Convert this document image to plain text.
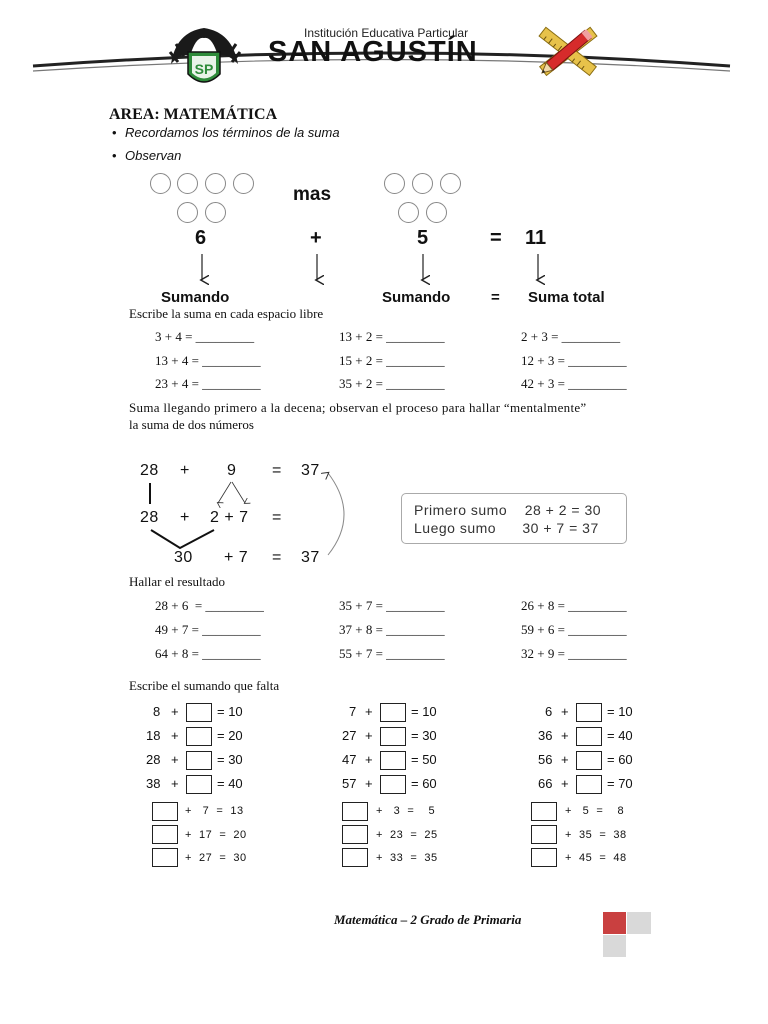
SP
Institución Educativa Particular
SAN AGUSTÍN
AREA: MATEMÁTICA
• Recordamos los términos de la suma
• Observan
mas
6	+	5	= 11
Sumando	Sumando	= Suma total
Escribe la suma en cada espacio libre
3 + 4 = _________
13 + 4 = _________
23 + 4 = _________
13 + 2 = _________
15 + 2 = _________
35 + 2 = _________
2 + 3 = _________
12 + 3 = _________
42 + 3 = _________
Suma llegando primero a la decena; observan el proceso para hallar “mentalmente”
la suma de dos números
28 + 9 = 37
28 + 2 + 7 =
30 + 7 = 37
Primero sumo    28 + 2 = 30
Luego sumo      30 + 7 = 37
Hallar el resultado
28 + 6  = _________
49 + 7 = _________
64 + 8 = _________
35 + 7 = _________
37 + 8 = _________
55 + 7 = _________
26 + 8 = _________
59 + 6 = _________
32 + 9 = _________
Escribe el sumando que falta
8 +	= 10
18 +	= 20
28 +	= 30
38 +	= 40
7 +	= 10
27 +	= 30
47 +	= 50
57 +	= 60
6 +	= 10
36 +	= 40
56 +	= 60
66 +	= 70
+   7  =  13
+  17  =  20
+  27  =  30
+   3  =    5
+  23  =  25
+  33  =  35
+   5  =    8
+  35  =  38
+  45  =  48
Matemática – 2 Grado de Primaria
